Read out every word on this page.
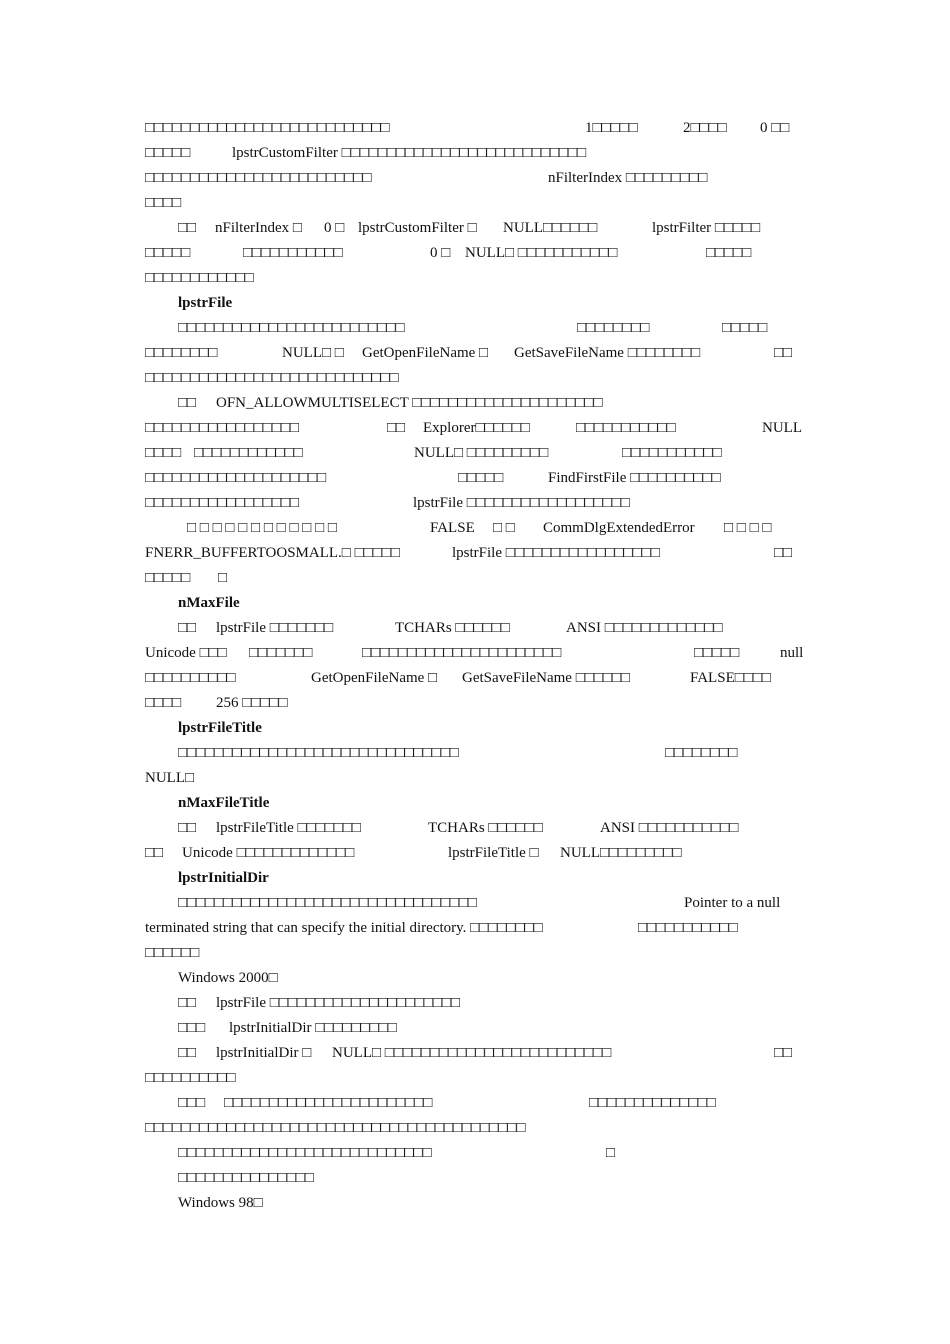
□□□□□□□□□□□□□□□□□□□□□□□□□□□

	1□□□□□

	2□□□□

0 □□

□□□□□

	lpstrCustomFilter □□□□□□□□□□□□□□□□□□□□□□□□□□□

□□□□□□□□□□□□□□□□□□□□□□□□□

	nFilterIndex □□□□□□□□□

□□□□

□□

nFilterIndex □

0 □

lpstrCustomFilter □

NULL□□□□□□

	lpstrFilter □□□□□

□□□□□

	□□□□□□□□□□□

	0 □

NULL□ □□□□□□□□□□□

	□□□□□

□□□□□□□□□□□□

lpstrFile

□□□□□□□□□□□□□□□□□□□□□□□□□

	□□□□□□□□

	□□□□□

□□□□□□□□

	NULL□ □

GetOpenFileName □

GetSaveFileName □□□□□□□□

	□□

□□□□□□□□□□□□□□□□□□□□□□□□□□□□

□□

OFN_ALLOWMULTISELECT □□□□□□□□□□□□□□□□□□□□□

□□□□□□□□□□□□□□□□□

	□□

Explorer□□□□□□

	□□□□□□□□□□□

	NULL

□□□□

□□□□□□□□□□□□

	NULL□ □□□□□□□□□

	□□□□□□□□□□□

□□□□□□□□□□□□□□□□□□□□

	□□□□□

	FindFirstFile □□□□□□□□□□

□□□□□□□□□□□□□□□□□

	lpstrFile □□□□□□□□□□□□□□□□□□

□ □ □ □ □ □ □ □ □ □ □ □

	FALSE

□ □

CommDlgExtendedError

□ □ □ □

FNERR_BUFFERTOOSMALL.□ □□□□□

	lpstrFile □□□□□□□□□□□□□□□□□

	□□

□□□□□

□

nMaxFile

□□

lpstrFile □□□□□□□

	TCHARs □□□□□□

	ANSI □□□□□□□□□□□□□

Unicode □□□

□□□□□□□

	□□□□□□□□□□□□□□□□□□□□□□

	□□□□□

	null

□□□□□□□□□□

	GetOpenFileName □

GetSaveFileName □□□□□□

	FALSE□□□□

□□□□

256 □□□□□

lpstrFileTitle

□□□□□□□□□□□□□□□□□□□□□□□□□□□□□□□

	□□□□□□□□

NULL□

nMaxFileTitle

□□

lpstrFileTitle □□□□□□□

	TCHARs □□□□□□

	ANSI □□□□□□□□□□□

□□

Unicode □□□□□□□□□□□□□

	lpstrFileTitle □

NULL□□□□□□□□□

lpstrInitialDir

□□□□□□□□□□□□□□□□□□□□□□□□□□□□□□□□□

	Pointer to a null

terminated string that can specify the initial directory. □□□□□□□□

	□□□□□□□□□□□

□□□□□□

Windows 2000□

□□

lpstrFile □□□□□□□□□□□□□□□□□□□□□

□□□

lpstrInitialDir □□□□□□□□□

□□

lpstrInitialDir □

NULL□ □□□□□□□□□□□□□□□□□□□□□□□□□

	□□

□□□□□□□□□□

□□□

□□□□□□□□□□□□□□□□□□□□□□□

	□□□□□□□□□□□□□□

□□□□□□□□□□□□□□□□□□□□□□□□□□□□□□□□□□□□□□□□□□

□□□□□□□□□□□□□□□□□□□□□□□□□□□□

	□

□□□□□□□□□□□□□□□

Windows 98□
